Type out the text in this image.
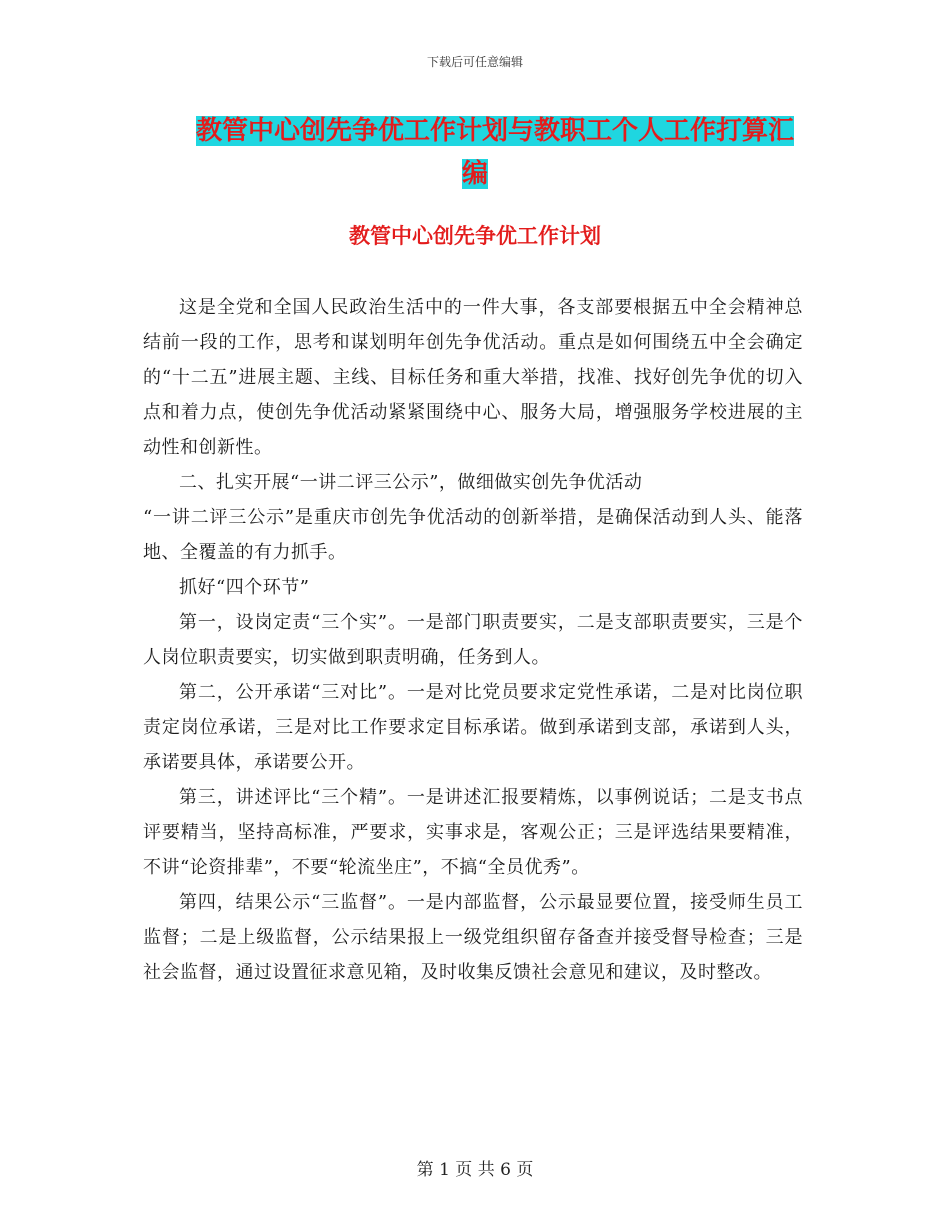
下载后可任意编辑
教管中心创先争优工作计划与教职工个人工作打算汇
编
教管中心创先争优工作计划

这是全党和全国人民政治生活中的一件大事，各支部要根据五中全会精神总结前一段的工作，思考和谋划明年创先争优活动。重点是如何围绕五中全会确定的“十二五”进展主题、主线、目标任务和重大举措，找准、找好创先争优的切入点和着力点，使创先争优活动紧紧围绕中心、服务大局，增强服务学校进展的主动性和创新性。

二、扎实开展“一讲二评三公示”，做细做实创先争优活动

“一讲二评三公示”是重庆市创先争优活动的创新举措，是确保活动到人头、能落地、全覆盖的有力抓手。

抓好“四个环节”

第一，设岗定责“三个实”。一是部门职责要实，二是支部职责要实，三是个人岗位职责要实，切实做到职责明确，任务到人。

第二，公开承诺“三对比”。一是对比党员要求定党性承诺，二是对比岗位职责定岗位承诺，三是对比工作要求定目标承诺。做到承诺到支部，承诺到人头，承诺要具体，承诺要公开。

第三，讲述评比“三个精”。一是讲述汇报要精炼，以事例说话；二是支书点评要精当，坚持高标准，严要求，实事求是，客观公正；三是评选结果要精准，不讲“论资排辈”，不要“轮流坐庄”，不搞“全员优秀”。

第四，结果公示“三监督”。一是内部监督，公示最显要位置，接受师生员工监督；二是上级监督，公示结果报上一级党组织留存备查并接受督导检查；三是社会监督，通过设置征求意见箱，及时收集反馈社会意见和建议，及时整改。

第 1 页 共 6 页
